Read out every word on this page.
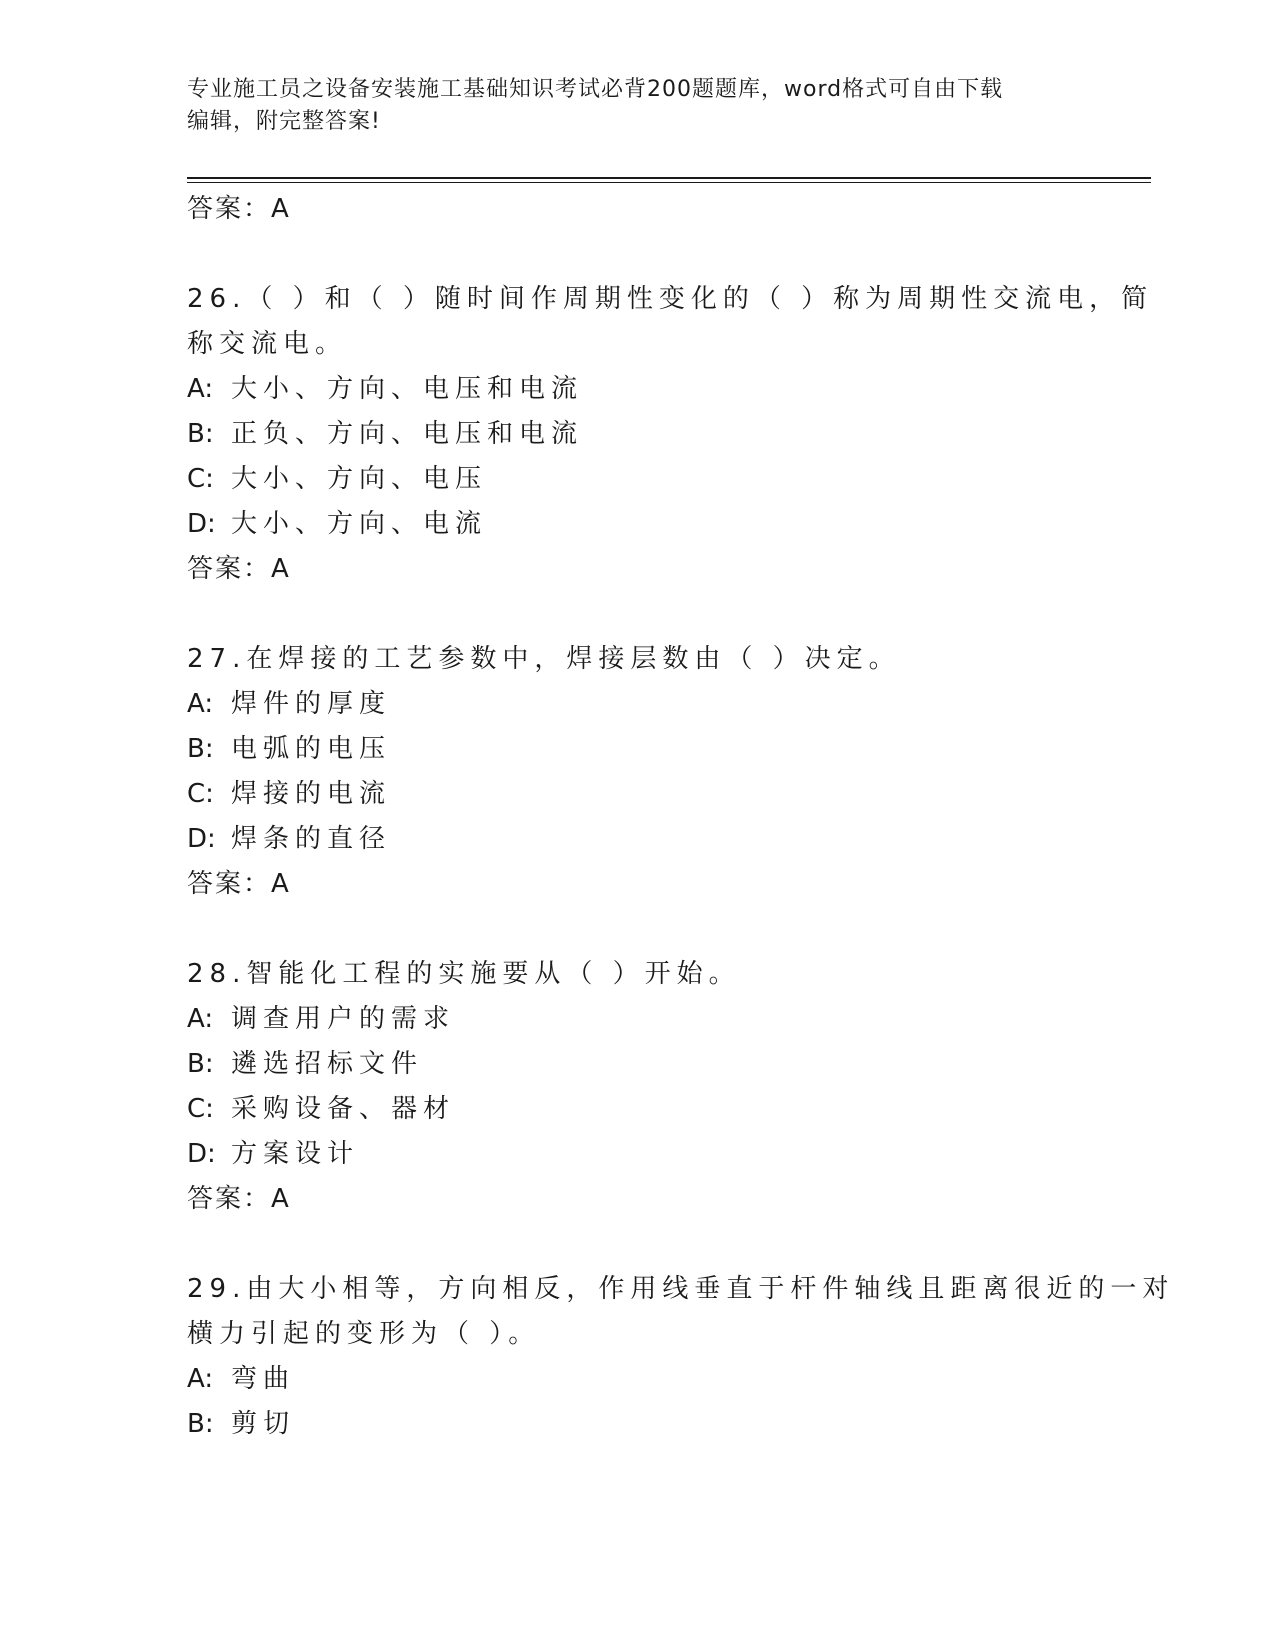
专业施工员之设备安装施工基础知识考试必背200题题库，word格式可自由下载
编辑，附完整答案!
答案：A
26.（ ）和（ ）随时间作周期性变化的（ ）称为周期性交流电，简
称交流电。
A: 大小、方向、电压和电流
B: 正负、方向、电压和电流
C: 大小、方向、电压
D: 大小、方向、电流
答案：A
27.在焊接的工艺参数中，焊接层数由（ ）决定。
A: 焊件的厚度
B: 电弧的电压
C: 焊接的电流
D: 焊条的直径
答案：A
28.智能化工程的实施要从（ ）开始。
A: 调查用户的需求
B: 遴选招标文件
C: 采购设备、器材
D: 方案设计
答案：A
29.由大小相等，方向相反，作用线垂直于杆件轴线且距离很近的一对
横力引起的变形为（ ）。
A: 弯曲
B: 剪切
